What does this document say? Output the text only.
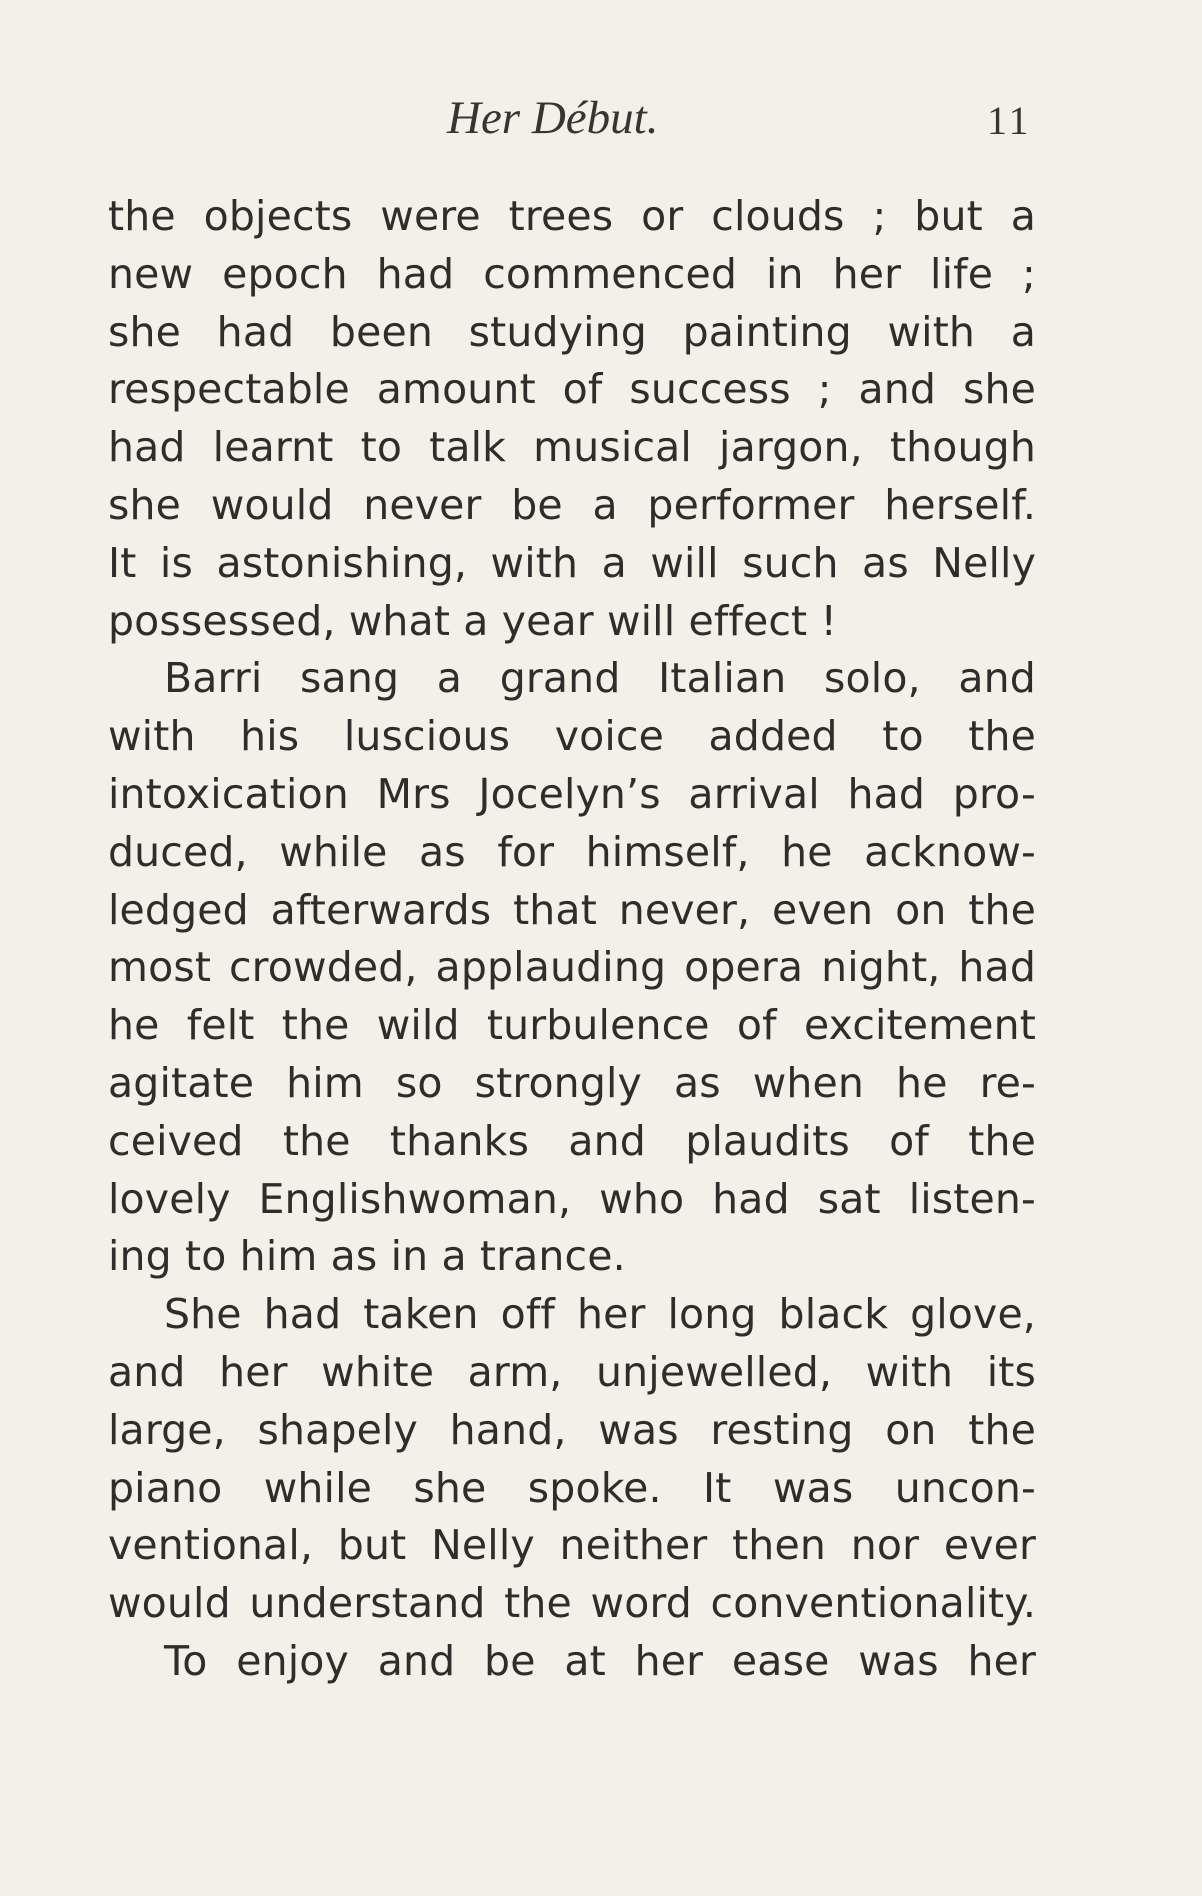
Her Début.	11
the objects were trees or clouds ; but a
new epoch had commenced in her life ;
she had been studying painting with a
respectable amount of success ; and she
had learnt to talk musical jargon, though
she would never be a performer herself.
It is astonishing, with a will such as Nelly
possessed, what a year will effect !
Barri sang a grand Italian solo, and
with his luscious voice added to the
intoxication Mrs Jocelyn’s arrival had pro-
duced, while as for himself, he acknow-
ledged afterwards that never, even on the
most crowded, applauding opera night, had
he felt the wild turbulence of excitement
agitate him so strongly as when he re-
ceived the thanks and plaudits of the
lovely Englishwoman, who had sat listen-
ing to him as in a trance.
She had taken off her long black glove,
and her white arm, unjewelled, with its
large, shapely hand, was resting on the
piano while she spoke. It was uncon-
ventional, but Nelly neither then nor ever
would understand the word conventionality.
To enjoy and be at her ease was her
